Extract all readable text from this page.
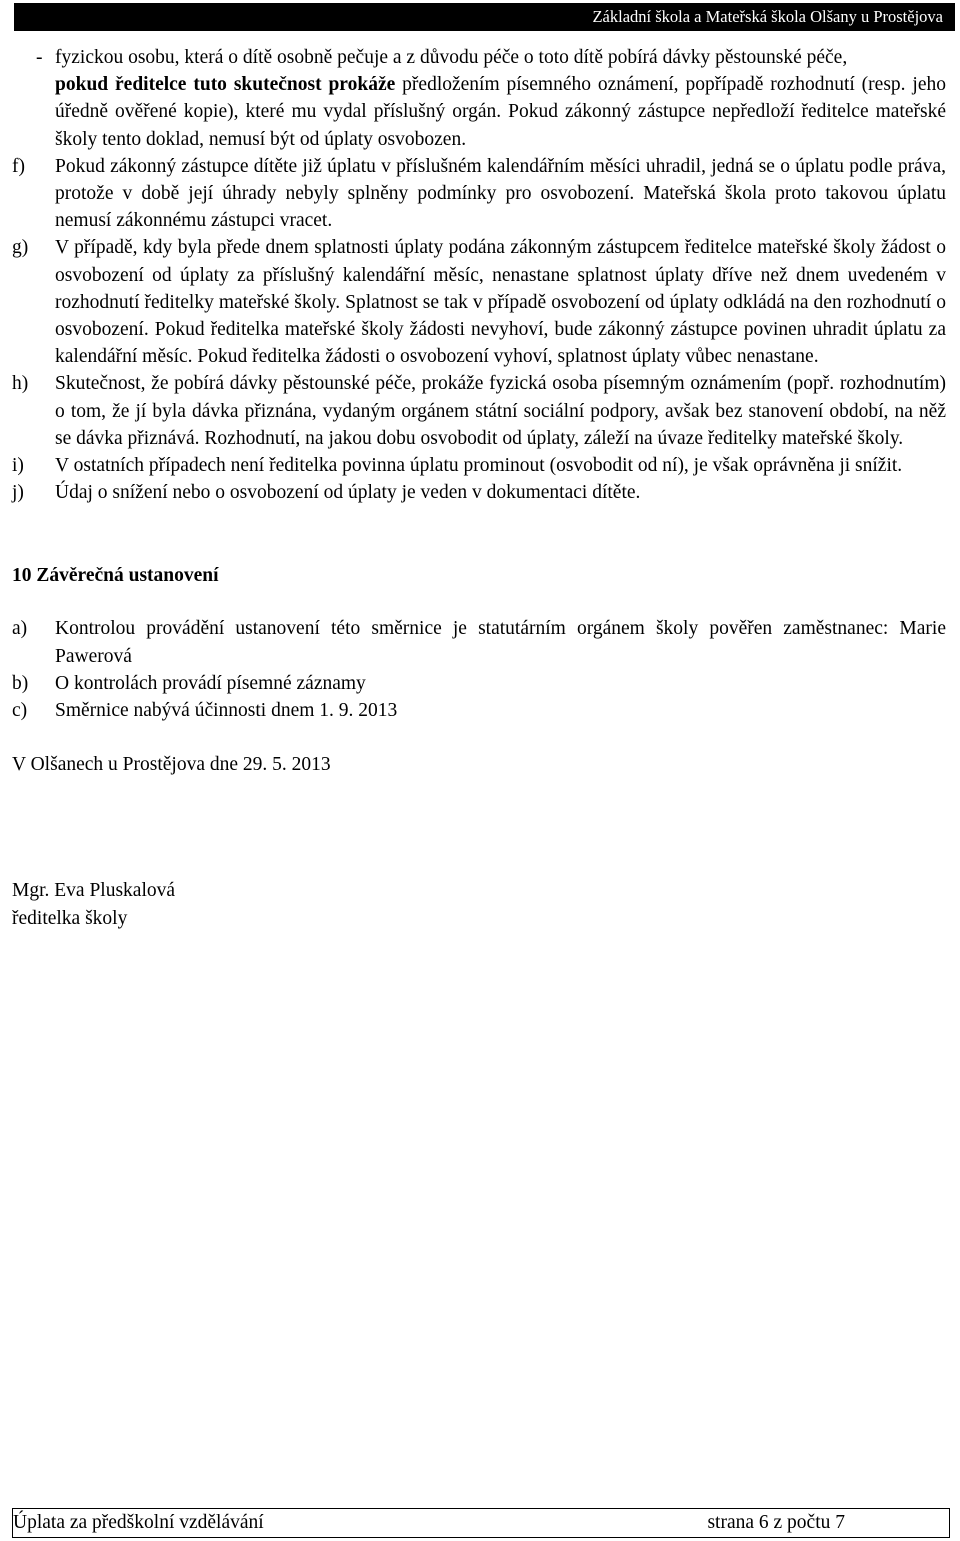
Základní škola a Mateřská škola Olšany u Prostějova
- fyzickou osobu, která o dítě osobně pečuje a z důvodu péče o toto dítě pobírá dávky pěstounské péče,
pokud ředitelce tuto skutečnost prokáže předložením písemného oznámení, popřípadě rozhodnutí (resp. jeho úředně ověřené kopie), které mu vydal příslušný orgán. Pokud zákonný zástupce nepředloží ředitelce mateřské školy tento doklad, nemusí být od úplaty osvobozen.
f)	Pokud zákonný zástupce dítěte již úplatu v příslušném kalendářním měsíci uhradil, jedná se o úplatu podle práva, protože v době její úhrady nebyly splněny podmínky pro osvobození. Mateřská škola proto takovou úplatu nemusí zákonnému zástupci vracet.
g)	V případě, kdy byla přede dnem splatnosti úplaty podána zákonným zástupcem ředitelce mateřské školy žádost o osvobození od úplaty za příslušný kalendářní měsíc, nenastane splatnost úplaty dříve než dnem uvedeném v rozhodnutí ředitelky mateřské školy. Splatnost se tak v případě osvobození od úplaty odkládá na den rozhodnutí o osvobození. Pokud ředitelka mateřské školy žádosti nevyhoví, bude zákonný zástupce povinen uhradit úplatu za kalendářní měsíc. Pokud ředitelka žádosti o osvobození vyhoví, splatnost úplaty vůbec nenastane.
h)	Skutečnost, že pobírá dávky pěstounské péče, prokáže fyzická osoba písemným oznámením (popř. rozhodnutím) o tom, že jí byla dávka přiznána, vydaným orgánem státní sociální podpory, avšak bez stanovení období, na něž se dávka přiznává. Rozhodnutí, na jakou dobu osvobodit od úplaty, záleží na úvaze ředitelky mateřské školy.
i)	V ostatních případech není ředitelka povinna úplatu prominout (osvobodit od ní), je však oprávněna ji snížit.
j)	Údaj o snížení nebo o osvobození od úplaty je veden v dokumentaci dítěte.
10 Závěrečná ustanovení
a)	Kontrolou provádění ustanovení této směrnice je statutárním orgánem školy pověřen zaměstnanec: Marie Pawerová
b)	O kontrolách provádí písemné záznamy
c)	Směrnice nabývá účinnosti dnem 1. 9. 2013
V Olšanech u Prostějova dne 29. 5. 2013
(běžně razítko)
podpis
Mgr. Eva Pluskalová
ředitelka školy
Úplata za předškolní vzdělávání	strana 6 z počtu 7
